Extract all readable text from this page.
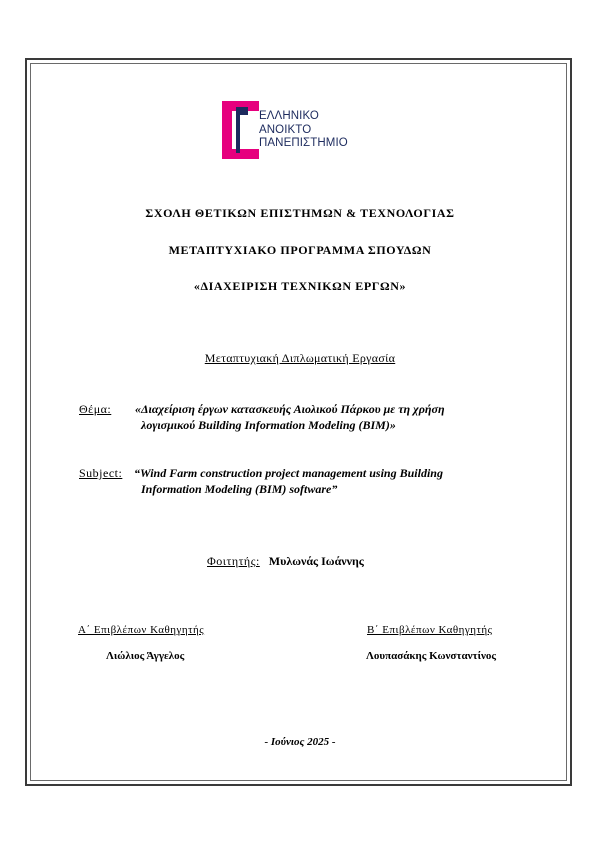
ΕΛΛΗΝΙΚΟ
ΑΝΟΙΚΤΟ
ΠΑΝΕΠΙΣΤΗΜΙΟ
ΣΧΟΛΗ ΘΕΤΙΚΩΝ ΕΠΙΣΤΗΜΩΝ & ΤΕΧΝΟΛΟΓΙΑΣ
ΜΕΤΑΠΤΥΧΙΑΚΟ ΠΡΟΓΡΑΜΜΑ ΣΠΟΥΔΩΝ
«ΔΙΑΧΕΙΡΙΣΗ ΤΕΧΝΙΚΩΝ ΕΡΓΩΝ»
Μεταπτυχιακή Διπλωματική Εργασία
Θέμα: «Διαχείριση έργων κατασκευής Αιολικού Πάρκου με τη χρήση
λογισμικού Building Information Modeling (BIM)»
Subject: “Wind Farm construction project management using Building
Information Modeling (BIM) software”
Φοιτητής: Μυλωνάς Ιωάννης
Α΄ Επιβλέπων Καθηγητής
Λιώλιος Άγγελος
Β΄ Επιβλέπων Καθηγητής
Λουπασάκης Κωνσταντίνος
- Ιούνιος 2025 -
